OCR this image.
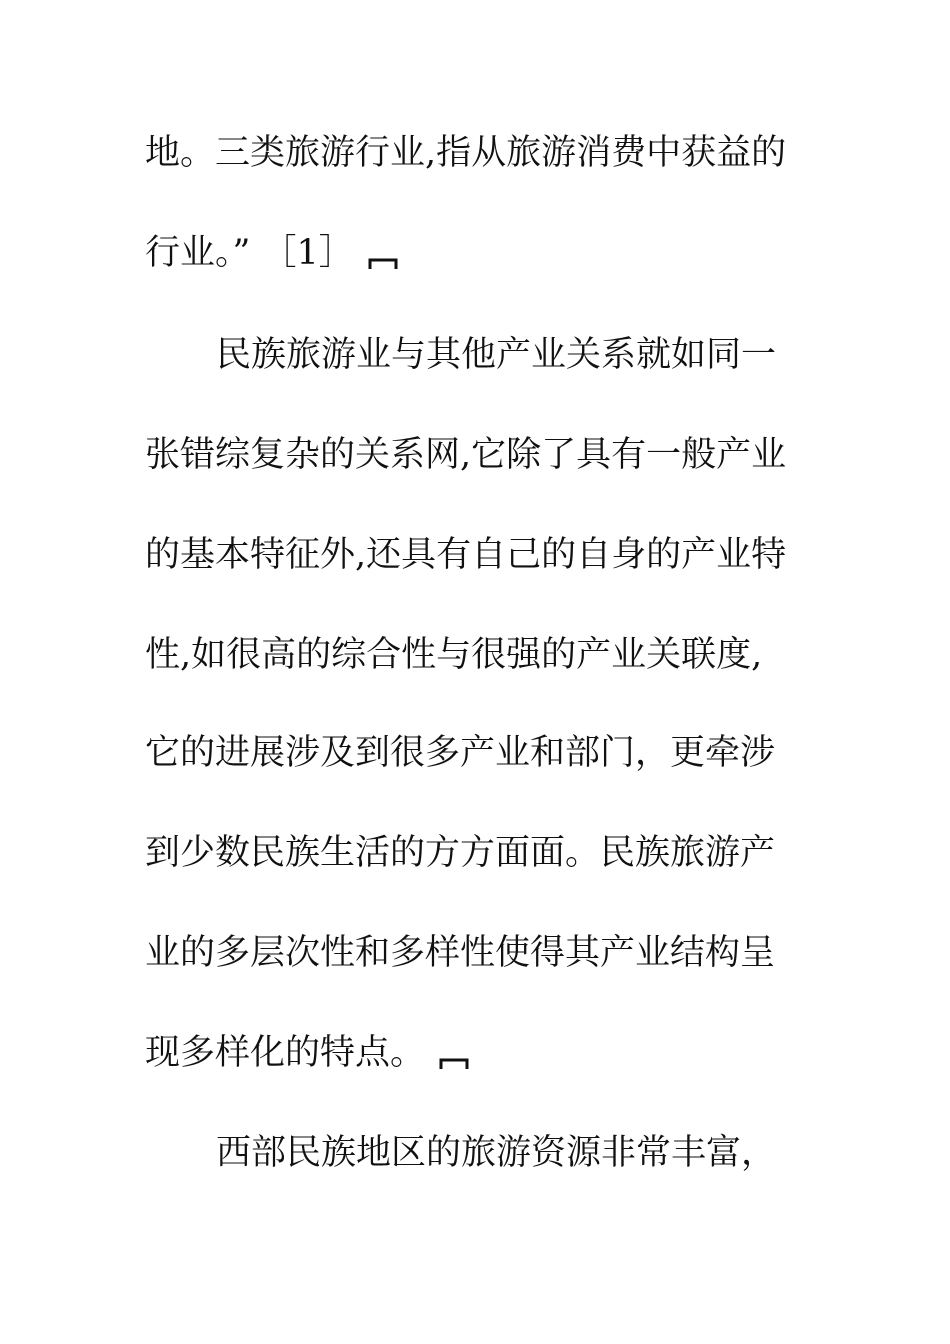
地。三类旅游行业,指从旅游消费中获益的
行业。” ［1］
民族旅游业与其他产业关系就如同一
张错综复杂的关系网,它除了具有一般产业
的基本特征外,还具有自己的自身的产业特
性,如很高的综合性与很强的产业关联度,
它的进展涉及到很多产业和部门，更牵涉
到少数民族生活的方方面面。民族旅游产
业的多层次性和多样性使得其产业结构呈
现多样化的特点。
西部民族地区的旅游资源非常丰富，
